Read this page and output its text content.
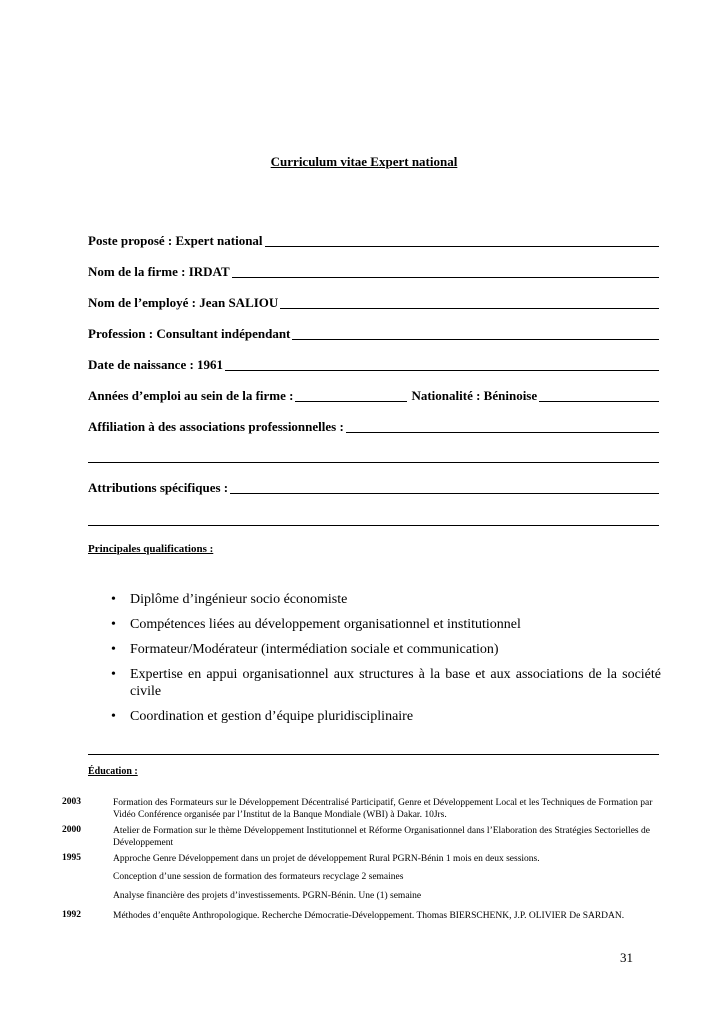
Curriculum vitae Expert national
Poste proposé : Expert national
Nom de la firme : IRDAT
Nom de l’employé : Jean SALIOU
Profession : Consultant indépendant
Date de naissance : 1961
Années d’emploi au sein de la firme :	Nationalité : Béninoise
Affiliation à des associations professionnelles :
Attributions spécifiques :
Principales qualifications :
• Diplôme d’ingénieur socio économiste
• Compétences liées au développement organisationnel et institutionnel
• Formateur/Modérateur (intermédiation sociale et communication)
• Expertise en appui organisationnel aux structures à la base et aux associations de la société civile
• Coordination et gestion d’équipe pluridisciplinaire
Éducation :
2003	Formation des Formateurs sur le Développement Décentralisé Participatif, Genre et Développement Local et les Techniques de Formation par Vidéo Conférence organisée par l’Institut de la Banque Mondiale (WBI) à Dakar. 10Jrs.
2000	Atelier de Formation sur le thème Développement Institutionnel et Réforme Organisationnel dans l’Elaboration des Stratégies Sectorielles de Développement
1995	Approche Genre Développement dans un projet de développement Rural PGRN-Bénin 1 mois en deux sessions.
Conception d’une session de formation des formateurs recyclage 2 semaines
Analyse financière des projets d’investissements. PGRN-Bénin. Une (1) semaine
1992	Méthodes d’enquête Anthropologique. Recherche Démocratie-Développement. Thomas BIERSCHENK, J.P. OLIVIER De SARDAN.
31
